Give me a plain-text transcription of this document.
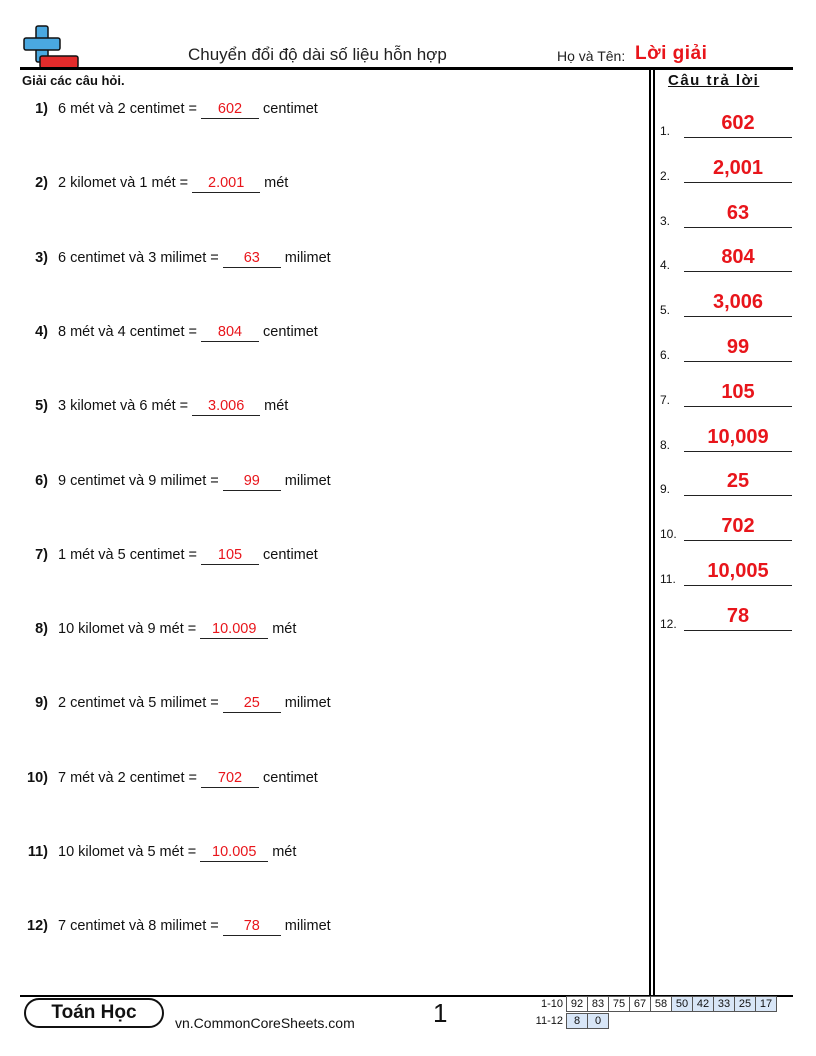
Chuyển đổi độ dài số liệu hỗn hợp	Họ và Tên: Lời giải
Giải các câu hỏi.
1) 6 mét và 2 centimet =	602	centimet
2) 2 kilomet và 1 mét =	2.001	mét
3) 6 centimet và 3 milimet =	63	milimet
4) 8 mét và 4 centimet =	804	centimet
5) 3 kilomet và 6 mét =	3.006	mét
6) 9 centimet và 9 milimet =	99	milimet
7) 1 mét và 5 centimet =	105	centimet
8) 10 kilomet và 9 mét =	10.009	mét
9) 2 centimet và 5 milimet =	25	milimet
10) 7 mét và 2 centimet =	702	centimet
11) 10 kilomet và 5 mét =	10.005	mét
12) 7 centimet và 8 milimet =	78	milimet
Câu trả lời
1.	602
2.	2,001
3.	63
4.	804
5.	3,006
6.	99
7.	105
8.	10,009
9.	25
10.	702
11.	10,005
12.	78
Toán Học	vn.CommonCoreSheets.com	1	1-10 92	83	75	67	58	50	42	33	25	17
11-12 8	0
